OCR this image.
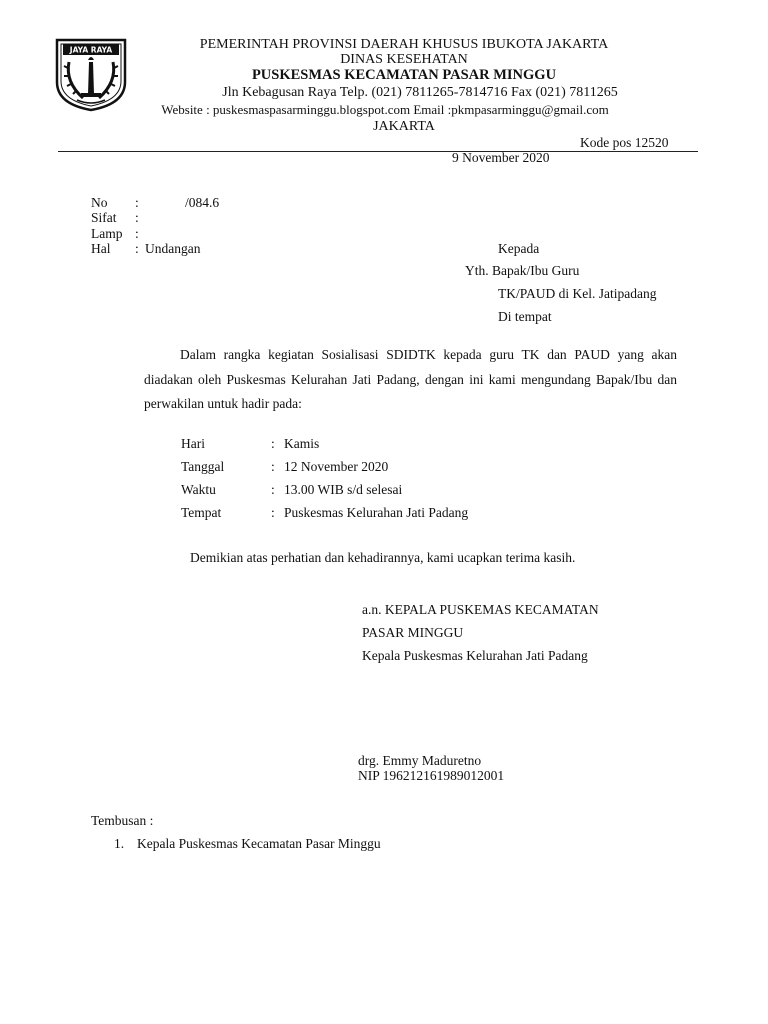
JAYA RAYA	PEMERINTAH PROVINSI DAERAH KHUSUS IBUKOTA JAKARTA
DINAS KESEHATAN
PUSKESMAS KECAMATAN PASAR MINGGU
Jln Kebagusan Raya Telp. (021) 7811265-7814716 Fax (021) 7811265
Website : puskesmaspasarminggu.blogspot.com Email :pkmpasarminggu@gmail.com
JAKARTA
Kode pos 12520
9 November 2020
No :	/084.6
Sifat :
Lamp :
Hal : Undangan	Kepada
Yth. Bapak/Ibu Guru
TK/PAUD di Kel. Jatipadang
Di tempat
Dalam rangka kegiatan Sosialisasi SDIDTK kepada guru TK dan PAUD yang akan diadakan oleh Puskesmas Kelurahan Jati Padang, dengan ini kami mengundang Bapak/Ibu dan perwakilan untuk hadir pada:
Hari	: Kamis
Tanggal	: 12 November 2020
Waktu	: 13.00 WIB s/d selesai
Tempat	: Puskesmas Kelurahan Jati Padang
Demikian atas perhatian dan kehadirannya, kami ucapkan terima kasih.
a.n. KEPALA PUSKEMAS KECAMATAN
PASAR MINGGU
Kepala Puskesmas Kelurahan Jati Padang
drg. Emmy Maduretno
NIP 196212161989012001
Tembusan :
1. Kepala Puskesmas Kecamatan Pasar Minggu
